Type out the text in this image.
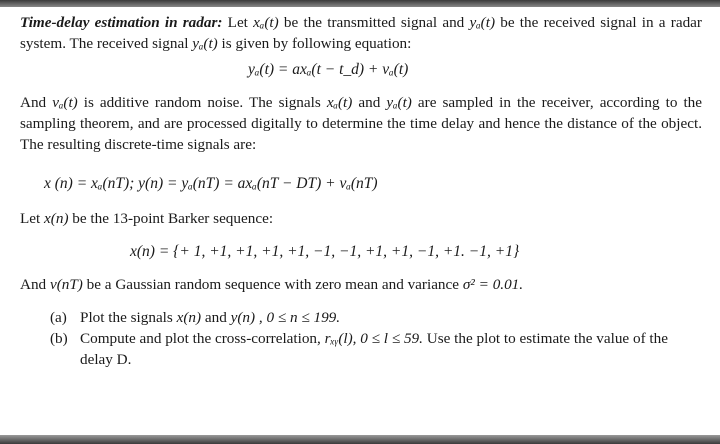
Time-delay estimation in radar: Let xₐ(t) be the transmitted signal and yₐ(t) be the received signal in a radar system. The received signal yₐ(t) is given by following equation:

yₐ(t) = axₐ(t − t_d) + vₐ(t)

And vₐ(t) is additive random noise. The signals xₐ(t) and yₐ(t) are sampled in the receiver, according to the sampling theorem, and are processed digitally to determine the time delay and hence the distance of the object. The resulting discrete-time signals are:

x (n) = xₐ(nT); y(n) = yₐ(nT) = axₐ(nT − DT) + vₐ(nT)

Let x(n) be the 13-point Barker sequence:

x(n) = {+ 1, +1, +1, +1, +1, −1, −1, +1, +1, −1, +1. −1, +1}

And v(nT) be a Gaussian random sequence with zero mean and variance σ² = 0.01.

(a) Plot the signals x(n) and y(n) , 0 ≤ n ≤ 199.
(b) Compute and plot the cross-correlation, rₓᵧ(l), 0 ≤ l ≤ 59. Use the plot to estimate the value of the delay D.
